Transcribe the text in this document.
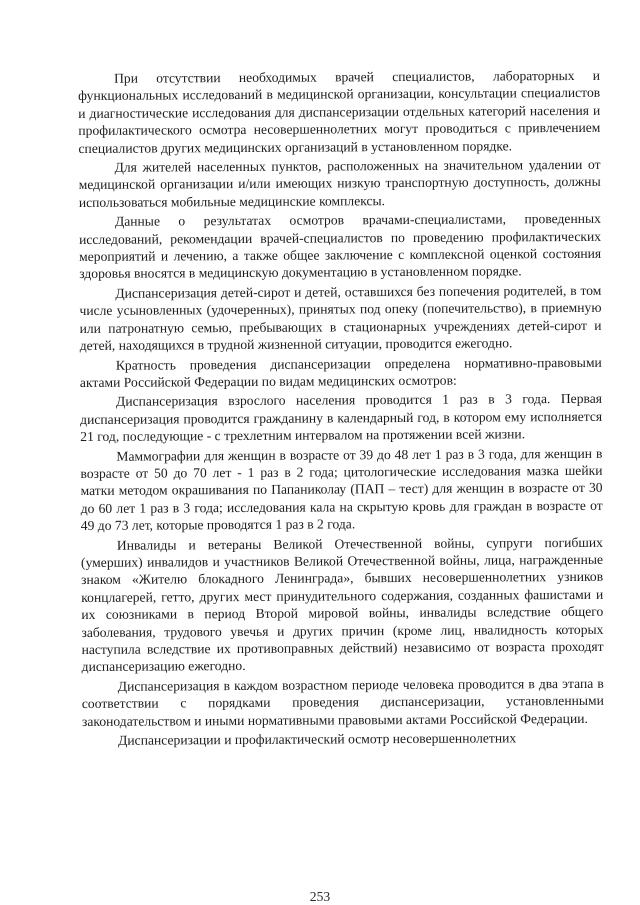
При отсутствии необходимых врачей специалистов, лабораторных и функциональных исследований в медицинской организации, консультации специалистов и диагностические исследования для диспансеризации отдельных категорий населения и профилактического осмотра несовершеннолетних могут проводиться с привлечением специалистов других медицинских организаций в установленном порядке.

Для жителей населенных пунктов, расположенных на значительном удалении от медицинской организации и/или имеющих низкую транспортную доступность, должны использоваться мобильные медицинские комплексы.

Данные о результатах осмотров врачами-специалистами, проведенных исследований, рекомендации врачей-специалистов по проведению профилактических мероприятий и лечению, а также общее заключение с комплексной оценкой состояния здоровья вносятся в медицинскую документацию в установленном порядке.

Диспансеризация детей-сирот и детей, оставшихся без попечения родителей, в том числе усыновленных (удочеренных), принятых под опеку (попечительство), в приемную или патронатную семью, пребывающих в стационарных учреждениях детей-сирот и детей, находящихся в трудной жизненной ситуации, проводится ежегодно.

Кратность проведения диспансеризации определена нормативно-правовыми актами Российской Федерации по видам медицинских осмотров:

Диспансеризация взрослого населения проводится 1 раз в 3 года. Первая диспансеризация проводится гражданину в календарный год, в котором ему исполняется 21 год, последующие - с трехлетним интервалом на протяжении всей жизни.

Маммографии для женщин в возрасте от 39 до 48 лет 1 раз в 3 года, для женщин в возрасте от 50 до 70 лет - 1 раз в 2 года; цитологические исследования мазка шейки матки методом окрашивания по Папаниколау (ПАП – тест) для женщин в возрасте от 30 до 60 лет 1 раз в 3 года; исследования кала на скрытую кровь для граждан в возрасте от 49 до 73 лет, которые проводятся 1 раз в 2 года.

Инвалиды и ветераны Великой Отечественной войны, супруги погибших (умерших) инвалидов и участников Великой Отечественной войны, лица, награжденные знаком «Жителю блокадного Ленинграда», бывших несовершеннолетних узников концлагерей, гетто, других мест принудительного содержания, созданных фашистами и их союзниками в период Второй мировой войны, инвалиды вследствие общего заболевания, трудового увечья и других причин (кроме лиц, нвалидность которых наступила вследствие их противоправных действий) независимо от возраста проходят диспансеризацию ежегодно.

Диспансеризация в каждом возрастном периоде человека проводится в два этапа в соответствии с порядками проведения диспансеризации, установленными законодательством и иными нормативными правовыми актами Российской Федерации.

Диспансеризации и профилактический осмотр несовершеннолетних

253
